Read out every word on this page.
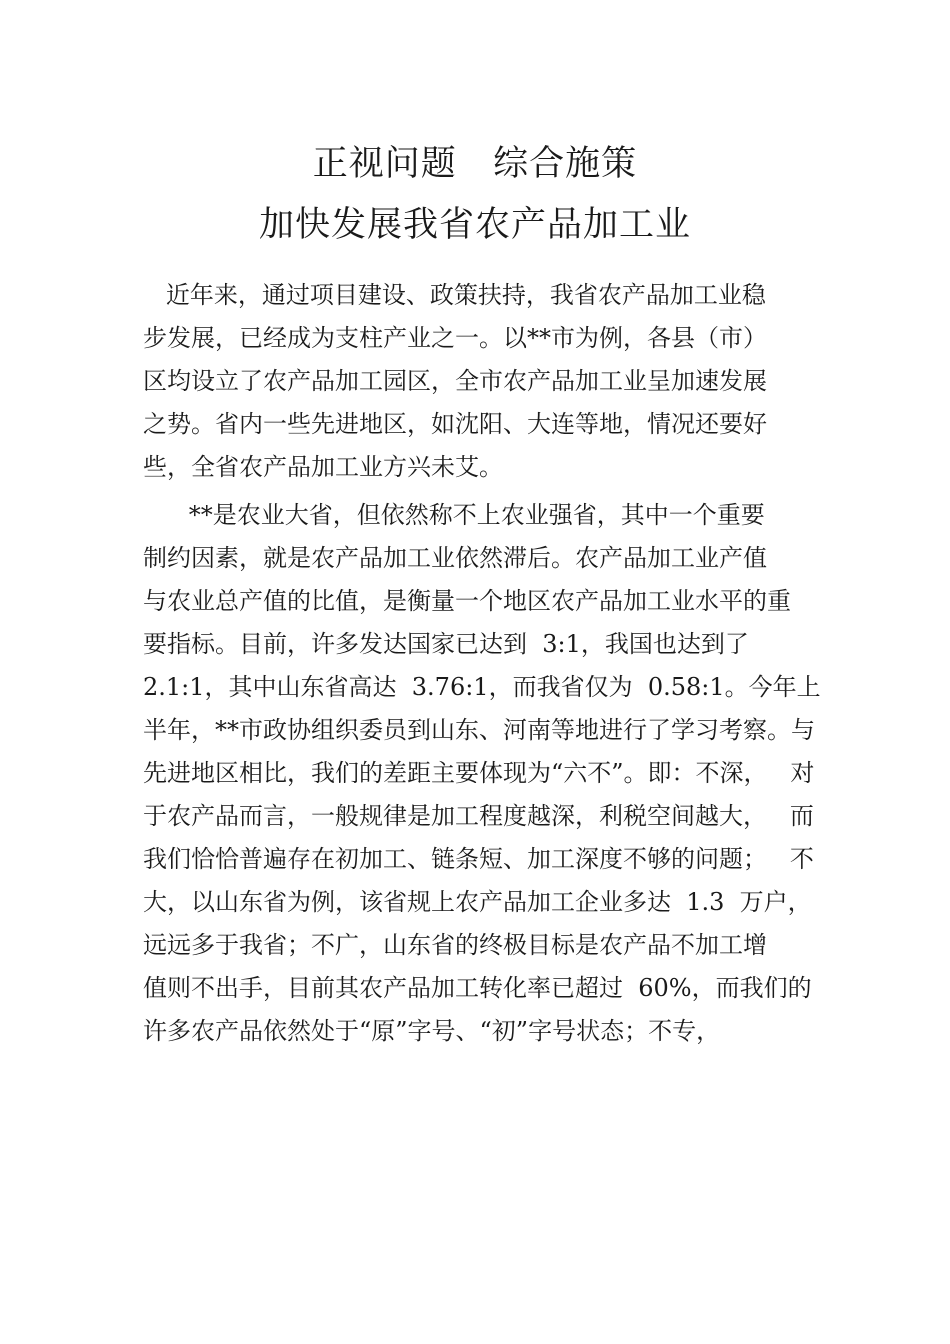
正视问题   综合施策
加快发展我省农产品加工业
近年来，通过项目建设、政策扶持，我省农产品加工业稳
步发展，已经成为支柱产业之一。以**市为例，各县（市）
区均设立了农产品加工园区，全市农产品加工业呈加速发展
之势。省内一些先进地区，如沈阳、大连等地，情况还要好
些，全省农产品加工业方兴未艾。
**是农业大省，但依然称不上农业强省，其中一个重要
制约因素，就是农产品加工业依然滞后。农产品加工业产值
与农业总产值的比值，是衡量一个地区农产品加工业水平的重
要指标。目前，许多发达国家已达到  3:1，我国也达到了
2.1:1，其中山东省高达  3.76:1，而我省仅为  0.58:1。今年上
半年，**市政协组织委员到山东、河南等地进行了学习考察。与
先进地区相比，我们的差距主要体现为“六不”。即：不深，   对
于农产品而言，一般规律是加工程度越深，利税空间越大，   而
我们恰恰普遍存在初加工、链条短、加工深度不够的问题；   不
大，以山东省为例，该省规上农产品加工企业多达  1.3  万户，
远远多于我省；不广，山东省的终极目标是农产品不加工增
值则不出手，目前其农产品加工转化率已超过  60%，而我们的
许多农产品依然处于“原”字号、“初”字号状态；不专，
